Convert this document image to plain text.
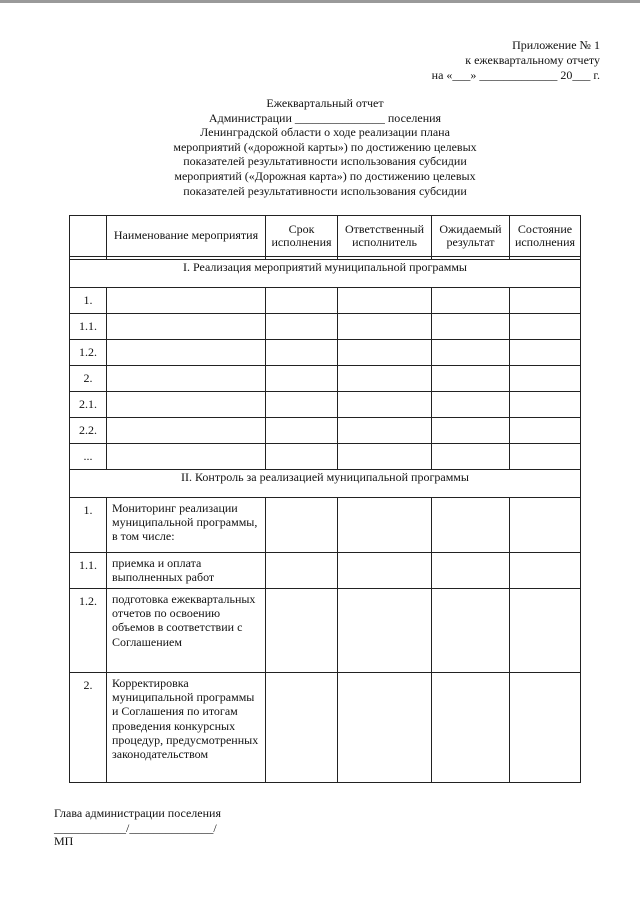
Приложение № 1
к ежеквартальному отчету
на «___» _____________ 20___ г.
Ежеквартальный отчет
Администрации _______________ поселения
Ленинградской области о ходе реализации плана
мероприятий («дорожной карты») по достижению целевых
показателей результативности использования субсидии
мероприятий («Дорожная карта») по достижению целевых
показателей результативности использования субсидии
	Наименование мероприятия	Срок исполнения	Ответственный исполнитель	Ожидаемый результат	Состояние исполнения

I. Реализация мероприятий муниципальной программы					
1.					
1.1.					
1.2.					
2.					
2.1.					
2.2.					
...					
II. Контроль за реализацией муниципальной программы					
1.	Мониторинг реализации муниципальной программы, в том числе:				
1.1.	приемка и оплата выполненных работ				
1.2.	подготовка ежеквартальных отчетов по освоению объемов в соответствии с Соглашением				
2.	Корректировка муниципальной программы и Соглашения по итогам проведения конкурсных процедур, предусмотренных законодательством				
Глава администрации поселения
____________/______________/
МП
